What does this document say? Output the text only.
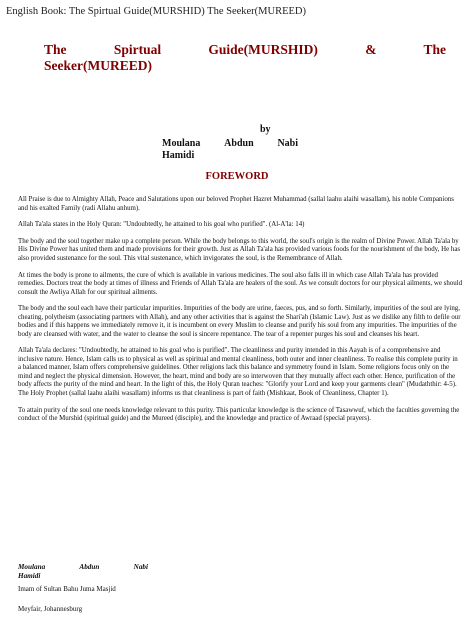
English Book: The Spirtual Guide(MURSHID) The Seeker(MUREED)
The	Spirtual	Guide(MURSHID)	&	The
Seeker(MUREED)
by
Moulana Abdun Nabi
Hamidi
FOREWORD

All Praise is due to Almighty Allah, Peace and Salutations upon our beloved Prophet Hazret Muhammad (sallal laahu alaihi wasallam), his noble Companions and his exalted Family (radi Allahu anhum).

Allah Ta'ala states in the Holy Quran: "Undoubtedly, he attained to his goal who purified". (Al-A'la: 14)

The body and the soul together make up a complete person. While the body belongs to this world, the soul's origin is the realm of Divine Power. Allah Ta'ala by His Divine Power has united them and made provisions for their growth. Just as Allah Ta'ala has provided various foods for the nourishment of the body, He has also provided sustenance for the soul. This vital sustenance, which invigorates the soul, is the Remembrance of Allah.

At times the body is prone to ailments, the cure of which is available in various medicines. The soul also falls ill in which case Allah Ta'ala has provided remedies. Doctors treat the body at times of illness and Friends of Allah Ta'ala are healers of the soul. As we consult doctors for our physical ailments, we should consult the Awliya Allah for our spiritual ailments.

The body and the soul each have their particular impurities. Impurities of the body are urine, faeces, pus, and so forth. Similarly, impurities of the soul are lying, cheating, polytheism (associating partners with Allah), and any other activities that is against the Shari'ah (Islamic Law). Just as we dislike any filth to defile our bodies and if this happens we immediately remove it, it is incumbent on every Muslim to cleanse and purify his soul from any impurities. The impurities of the body are cleansed with water, and the water to cleanse the soul is sincere repentance. The tear of a repenter purges his soul and cleanses his heart.

Allah Ta'ala declares: "Undoubtedly, he attained to his goal who is purified". The cleanliness and purity intended in this Aayah is of a comprehensive and inclusive nature. Hence, Islam calls us to physical as well as spiritual and mental cleanliness, both outer and inner cleanliness. To realise this complete purity in a balanced manner, Islam offers comprehensive guidelines. Other religions lack this balance and symmetry found in Islam. Some religions focus only on the mind and neglect the physical dimension. However, the heart, mind and body are so interwoven that they mutually affect each other. Hence, purification of the body affects the purity of the mind and heart. In the light of this, the Holy Quran teaches: "Glorify your Lord and keep your garments clean" (Mudaththir: 4-5). The Holy Prophet (sallal laahu alaihi wasallam) informs us that cleanliness is part of faith (Mishkaat, Book of Cleanliness, Chapter 1).

To attain purity of the soul one needs knowledge relevant to this purity. This particular knowledge is the science of Tasawwuf, which the faculties governing the conduct of the Murshid (spiritual guide) and the Mureed (disciple), and the knowledge and practice of Awraad (special prayers).

Moulana	Abdun	Nabi
Hamidi
Imam of Sultan Bahu Juma Masjid
Meyfair, Johannesburg
